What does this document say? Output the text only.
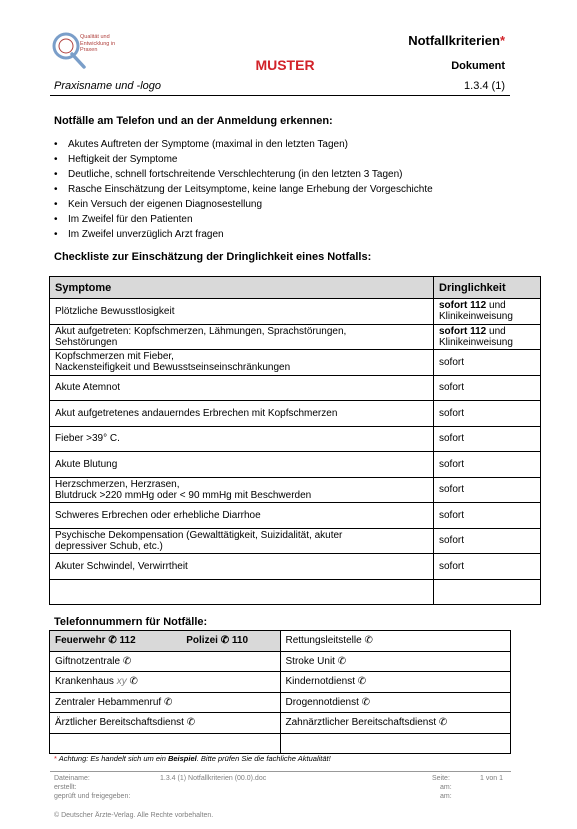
Qualität und
Entwicklung in
Praxen
MUSTER
Notfallkriterien*
Dokument
1.3.4 (1)
Praxisname und -logo
Notfälle am Telefon und an der Anmeldung erkennen:
• Akutes Auftreten der Symptome (maximal in den letzten Tagen)
• Heftigkeit der Symptome
• Deutliche, schnell fortschreitende Verschlechterung (in den letzten 3 Tagen)
• Rasche Einschätzung der Leitsymptome, keine lange Erhebung der Vorgeschichte
• Kein Versuch der eigenen Diagnosestellung
• Im Zweifel für den Patienten
• Im Zweifel unverzüglich Arzt fragen
Checkliste zur Einschätzung der Dringlichkeit eines Notfalls:
Symptome	Dringlichkeit

Plötzliche Bewusstlosigkeit	sofort 112 und Klinikeinweisung

Akut aufgetreten: Kopfschmerzen, Lähmungen, Sprachstörungen,
Sehstörungen	sofort 112 und Klinikeinweisung

Kopfschmerzen mit Fieber,
Nackensteifigkeit und Bewusstseinseinschränkungen	sofort

Akute Atemnot	sofort

Akut aufgetretenes andauerndes Erbrechen mit Kopfschmerzen	sofort

Fieber >39° C.	sofort

Akute Blutung	sofort

Herzschmerzen, Herzrasen,
Blutdruck >220 mmHg oder < 90 mmHg mit Beschwerden	sofort

Schweres Erbrechen oder erhebliche Diarrhoe	sofort

Psychische Dekompensation (Gewalttätigkeit, Suizidalität, akuter
depressiver Schub, etc.)	sofort

Akuter Schwindel, Verwirrtheit	sofort

Telefonnummern für Notfälle:
Feuerwehr ✆ 112 Polizei ✆ 110	Rettungsleitstelle ✆
Giftnotzentrale ✆	Stroke Unit ✆
Krankenhaus xy ✆	Kindernotdienst ✆
Zentraler Hebammenruf ✆	Drogennotdienst ✆
Ärztlicher Bereitschaftsdienst ✆	Zahnärztlicher Bereitschaftsdienst ✆

* Achtung: Es handelt sich um ein Beispiel. Bitte prüfen Sie die fachliche Aktualität!
Dateiname:
erstellt:
geprüft und freigegeben:
1.3.4 (1) Notfallkriterien (00.0).doc	Seite:
am:
am:
1 von 1
© Deutscher Ärzte-Verlag. Alle Rechte vorbehalten.
